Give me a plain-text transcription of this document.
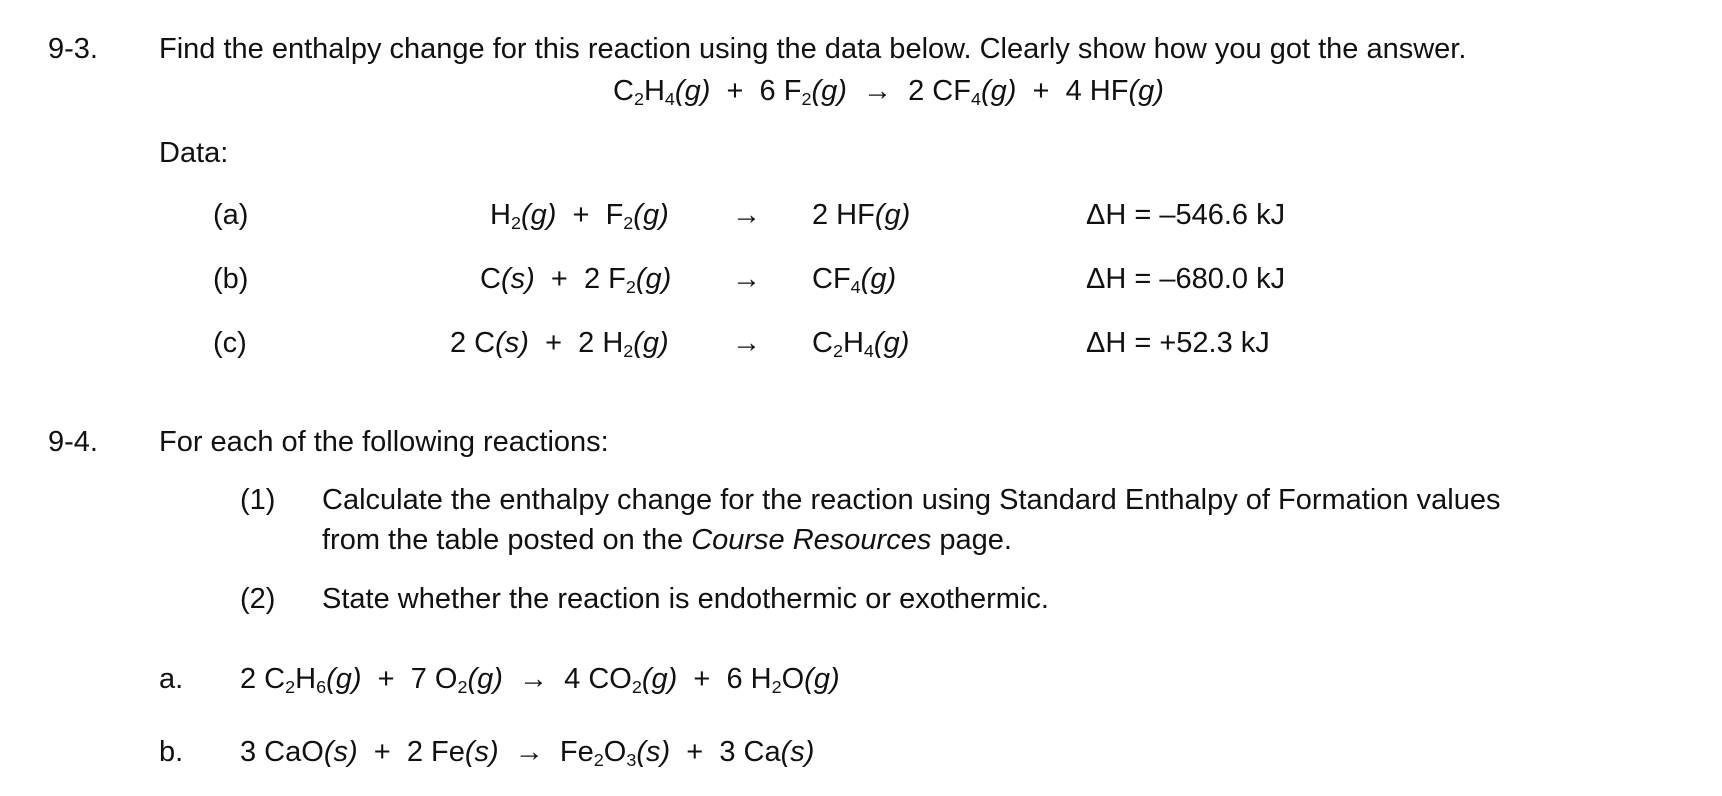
9-3. Find the enthalpy change for this reaction using the data below. Clearly show how you got the answer.
$C_2H_4(g) + 6$ $F_2(g) \to 2$ $CF_4(g) + 4$ HF(g)
Data:
(a)	$H_2(g) + F_2(g) \to 2$ HF(g)	ΔH = –546.6 kJ
(b)	C(s)  +  2 $F_2(g) \to CF_4(g)$	ΔH = –680.0 kJ
(c)	2 C(s)  +  2 $H_2(g) \to C_2H_4(g)$	ΔH = +52.3 kJ
9-4. For each of the following reactions:
(1) Calculate the enthalpy change for the reaction using Standard Enthalpy of Formation values
from the table posted on the Course Resources page.
(2) State whether the reaction is endothermic or exothermic.
a. 2 $C_2H_6(g) + 7$ $O_2(g) \to 4$ $CO_2(g) + 6$ $H_2O(g)$
b. 3 CaO(s)  +  2 $Fe(s) \to Fe_2O_3(s) + 3$ Ca(s)
